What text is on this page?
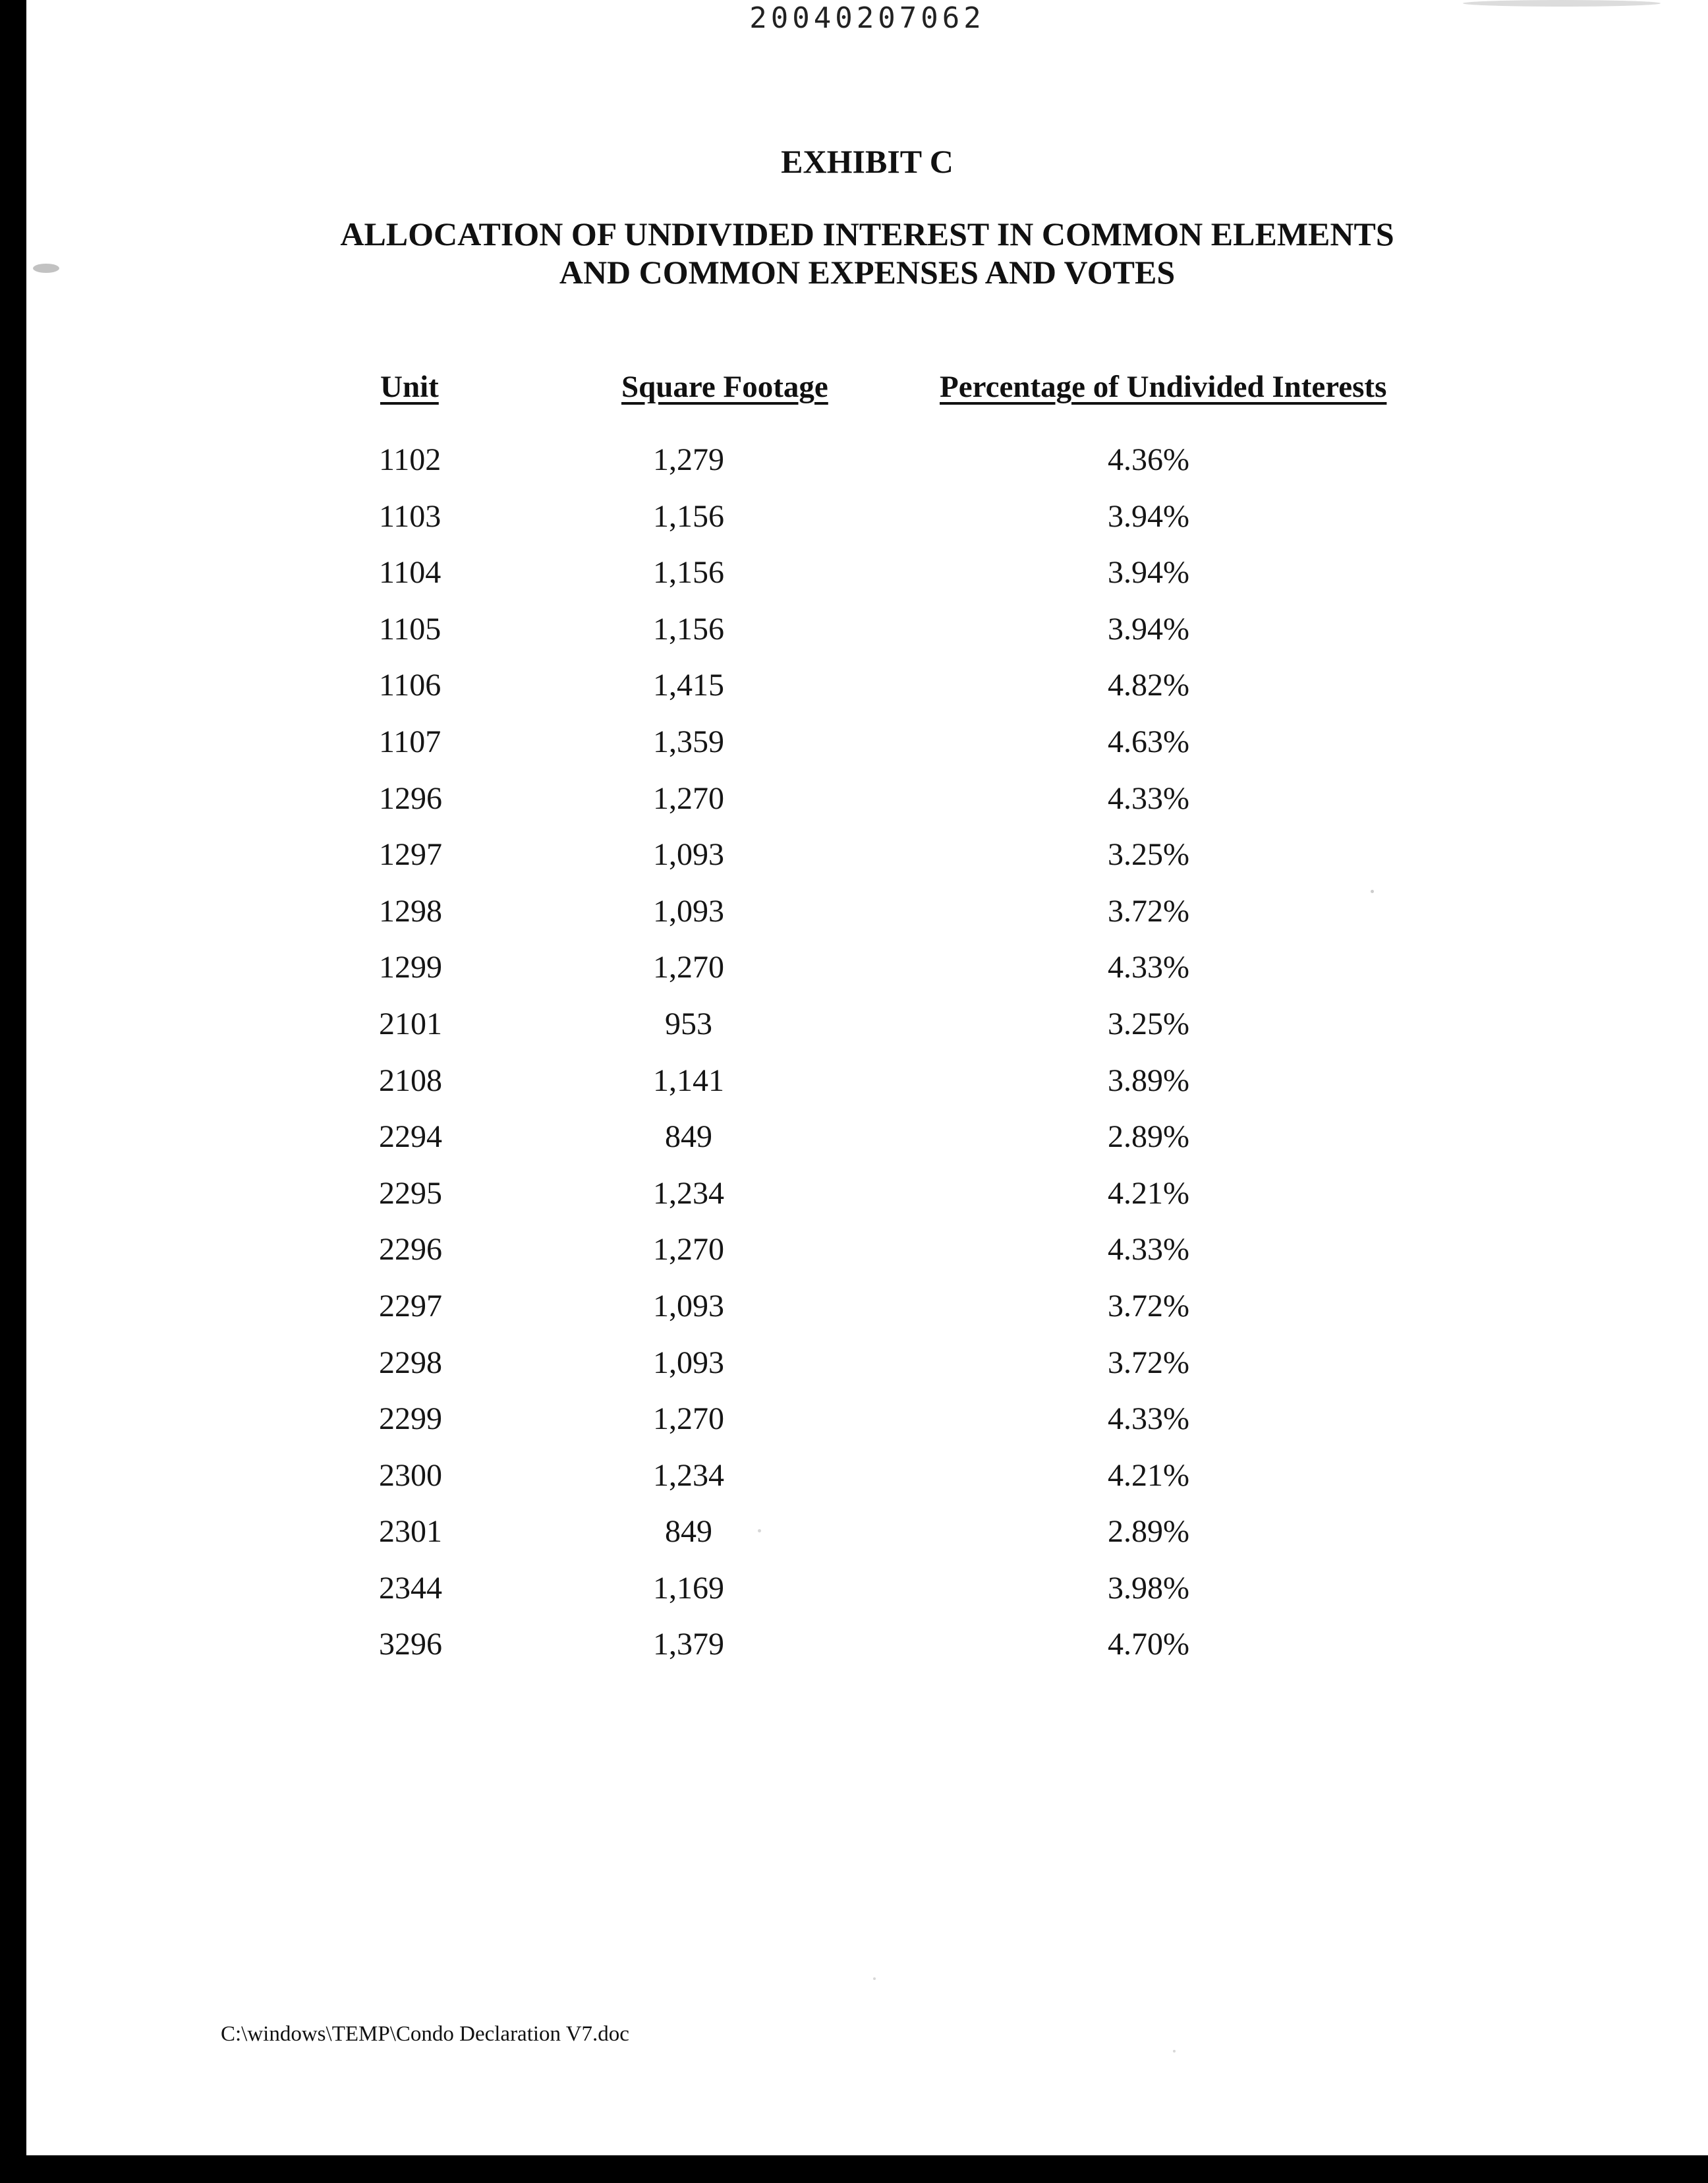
20040207062
EXHIBIT C
ALLOCATION OF UNDIVIDED INTEREST IN COMMON ELEMENTS
AND COMMON EXPENSES AND VOTES
Unit	Square Footage	Percentage of Undivided Interests
1102	1,279	4.36%
1103	1,156	3.94%
1104	1,156	3.94%
1105	1,156	3.94%
1106	1,415	4.82%
1107	1,359	4.63%
1296	1,270	4.33%
1297	1,093	3.25%
1298	1,093	3.72%
1299	1,270	4.33%
2101	953	3.25%
2108	1,141	3.89%
2294	849	2.89%
2295	1,234	4.21%
2296	1,270	4.33%
2297	1,093	3.72%
2298	1,093	3.72%
2299	1,270	4.33%
2300	1,234	4.21%
2301	849	2.89%
2344	1,169	3.98%
3296	1,379	4.70%
C:\windows\TEMP\Condo Declaration V7.doc
